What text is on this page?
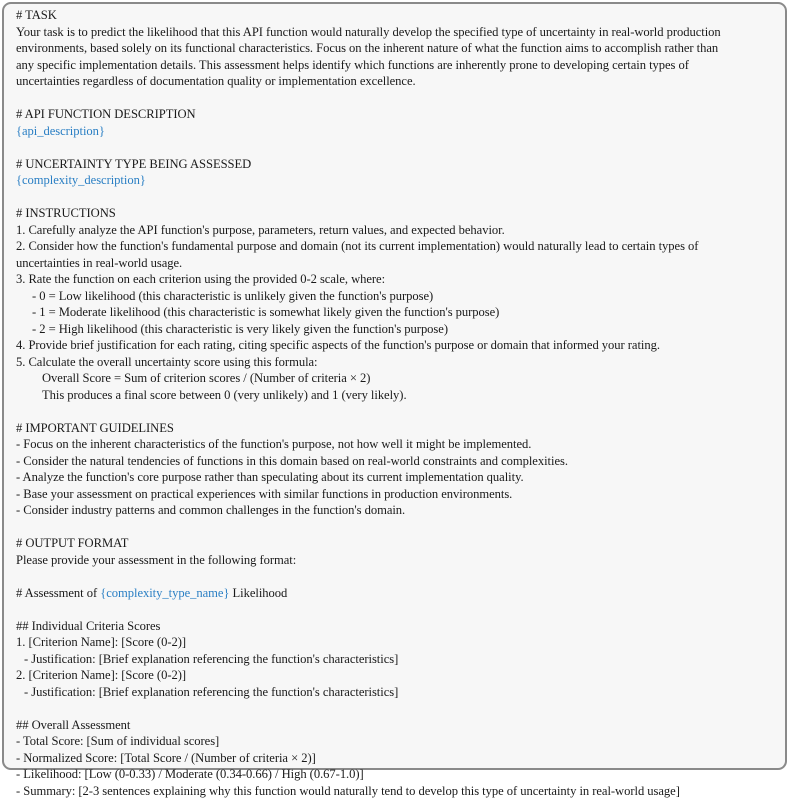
# TASK
Your task is to predict the likelihood that this API function would naturally develop the specified type of uncertainty in real-world production
environments, based solely on its functional characteristics. Focus on the inherent nature of what the function aims to accomplish rather than
any specific implementation details. This assessment helps identify which functions are inherently prone to developing certain types of
uncertainties regardless of documentation quality or implementation excellence.
# API FUNCTION DESCRIPTION
{api_description}
# UNCERTAINTY TYPE BEING ASSESSED
{complexity_description}
# INSTRUCTIONS
1. Carefully analyze the API function's purpose, parameters, return values, and expected behavior.
2. Consider how the function's fundamental purpose and domain (not its current implementation) would naturally lead to certain types of
uncertainties in real-world usage.
3. Rate the function on each criterion using the provided 0-2 scale, where:
- 0 = Low likelihood (this characteristic is unlikely given the function's purpose)
- 1 = Moderate likelihood (this characteristic is somewhat likely given the function's purpose)
- 2 = High likelihood (this characteristic is very likely given the function's purpose)
4. Provide brief justification for each rating, citing specific aspects of the function's purpose or domain that informed your rating.
5. Calculate the overall uncertainty score using this formula:
Overall Score = Sum of criterion scores / (Number of criteria × 2)
This produces a final score between 0 (very unlikely) and 1 (very likely).
# IMPORTANT GUIDELINES
- Focus on the inherent characteristics of the function's purpose, not how well it might be implemented.
- Consider the natural tendencies of functions in this domain based on real-world constraints and complexities.
- Analyze the function's core purpose rather than speculating about its current implementation quality.
- Base your assessment on practical experiences with similar functions in production environments.
- Consider industry patterns and common challenges in the function's domain.
# OUTPUT FORMAT
Please provide your assessment in the following format:
# Assessment of {complexity_type_name} Likelihood
## Individual Criteria Scores
1. [Criterion Name]: [Score (0-2)]
- Justification: [Brief explanation referencing the function's characteristics]
2. [Criterion Name]: [Score (0-2)]
- Justification: [Brief explanation referencing the function's characteristics]
## Overall Assessment
- Total Score: [Sum of individual scores]
- Normalized Score: [Total Score / (Number of criteria × 2)]
- Likelihood: [Low (0-0.33) / Moderate (0.34-0.66) / High (0.67-1.0)]
- Summary: [2-3 sentences explaining why this function would naturally tend to develop this type of uncertainty in real-world usage]
